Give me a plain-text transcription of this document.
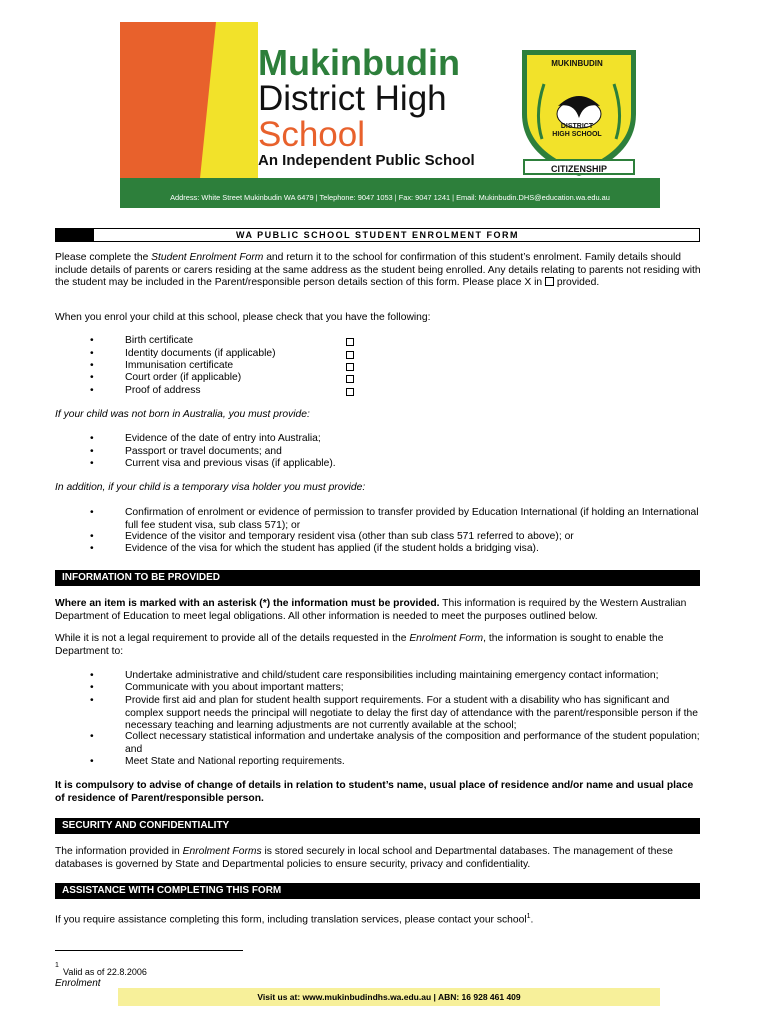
Mukinbudin
District High
School
An Independent Public School
Address: White Street Mukinbudin WA 6479 | Telephone: 9047 1053 | Fax: 9047 1241 | Email: Mukinbudin.DHS@education.wa.edu.au
MUKINBUDIN
DISTRICT
HIGH SCHOOL
CITIZENSHIP
WA PUBLIC SCHOOL STUDENT ENROLMENT FORM
Please complete the Student Enrolment Form and return it to the school for confirmation of this student’s enrolment. Family details should include details of parents or carers residing at the same address as the student being enrolled. Any details relating to parents not residing with the student may be included in the Parent/responsible person details section of this form. Please place X in provided.
When you enrol your child at this school, please check that you have the following:
•	Birth certificate
•	Identity documents (if applicable)
•	Immunisation certificate
•	Court order (if applicable)
•	Proof of address
If your child was not born in Australia, you must provide:
•	Evidence of the date of entry into Australia;
•	Passport or travel documents; and
•	Current visa and previous visas (if applicable).
In addition, if your child is a temporary visa holder you must provide:
•	Confirmation of enrolment or evidence of permission to transfer provided by Education International (if holding an International full fee student visa, sub class 571); or
•	Evidence of the visitor and temporary resident visa (other than sub class 571 referred to above); or
•	Evidence of the visa for which the student has applied (if the student holds a bridging visa).
INFORMATION TO BE PROVIDED
Where an item is marked with an asterisk (*) the information must be provided. This information is required by the Western Australian Department of Education to meet legal obligations. All other information is needed to meet the purposes outlined below.
While it is not a legal requirement to provide all of the details requested in the Enrolment Form, the information is sought to enable the Department to:
•	Undertake administrative and child/student care responsibilities including maintaining emergency contact information;
•	Communicate with you about important matters;
•	Provide first aid and plan for student health support requirements. For a student with a disability who has significant and complex support needs the principal will negotiate to delay the first day of attendance with the parent/responsible person if the necessary teaching and learning adjustments are not currently available at the school;
•	Collect necessary statistical information and undertake analysis of the composition and performance of the student population; and
•	Meet State and National reporting requirements.
It is compulsory to advise of change of details in relation to student’s name, usual place of residence and/or name and usual place of residence of Parent/responsible person.
SECURITY AND CONFIDENTIALITY
The information provided in Enrolment Forms is stored securely in local school and Departmental databases. The management of these databases is governed by State and Departmental policies to ensure security, privacy and confidentiality.
ASSISTANCE WITH COMPLETING THIS FORM
If you require assistance completing this form, including translation services, please contact your school$^1$.
1
Valid as of 22.8.2006
Enrolment
Visit us at: www.mukinbudindhs.wa.edu.au | ABN: 16 928 461 409
